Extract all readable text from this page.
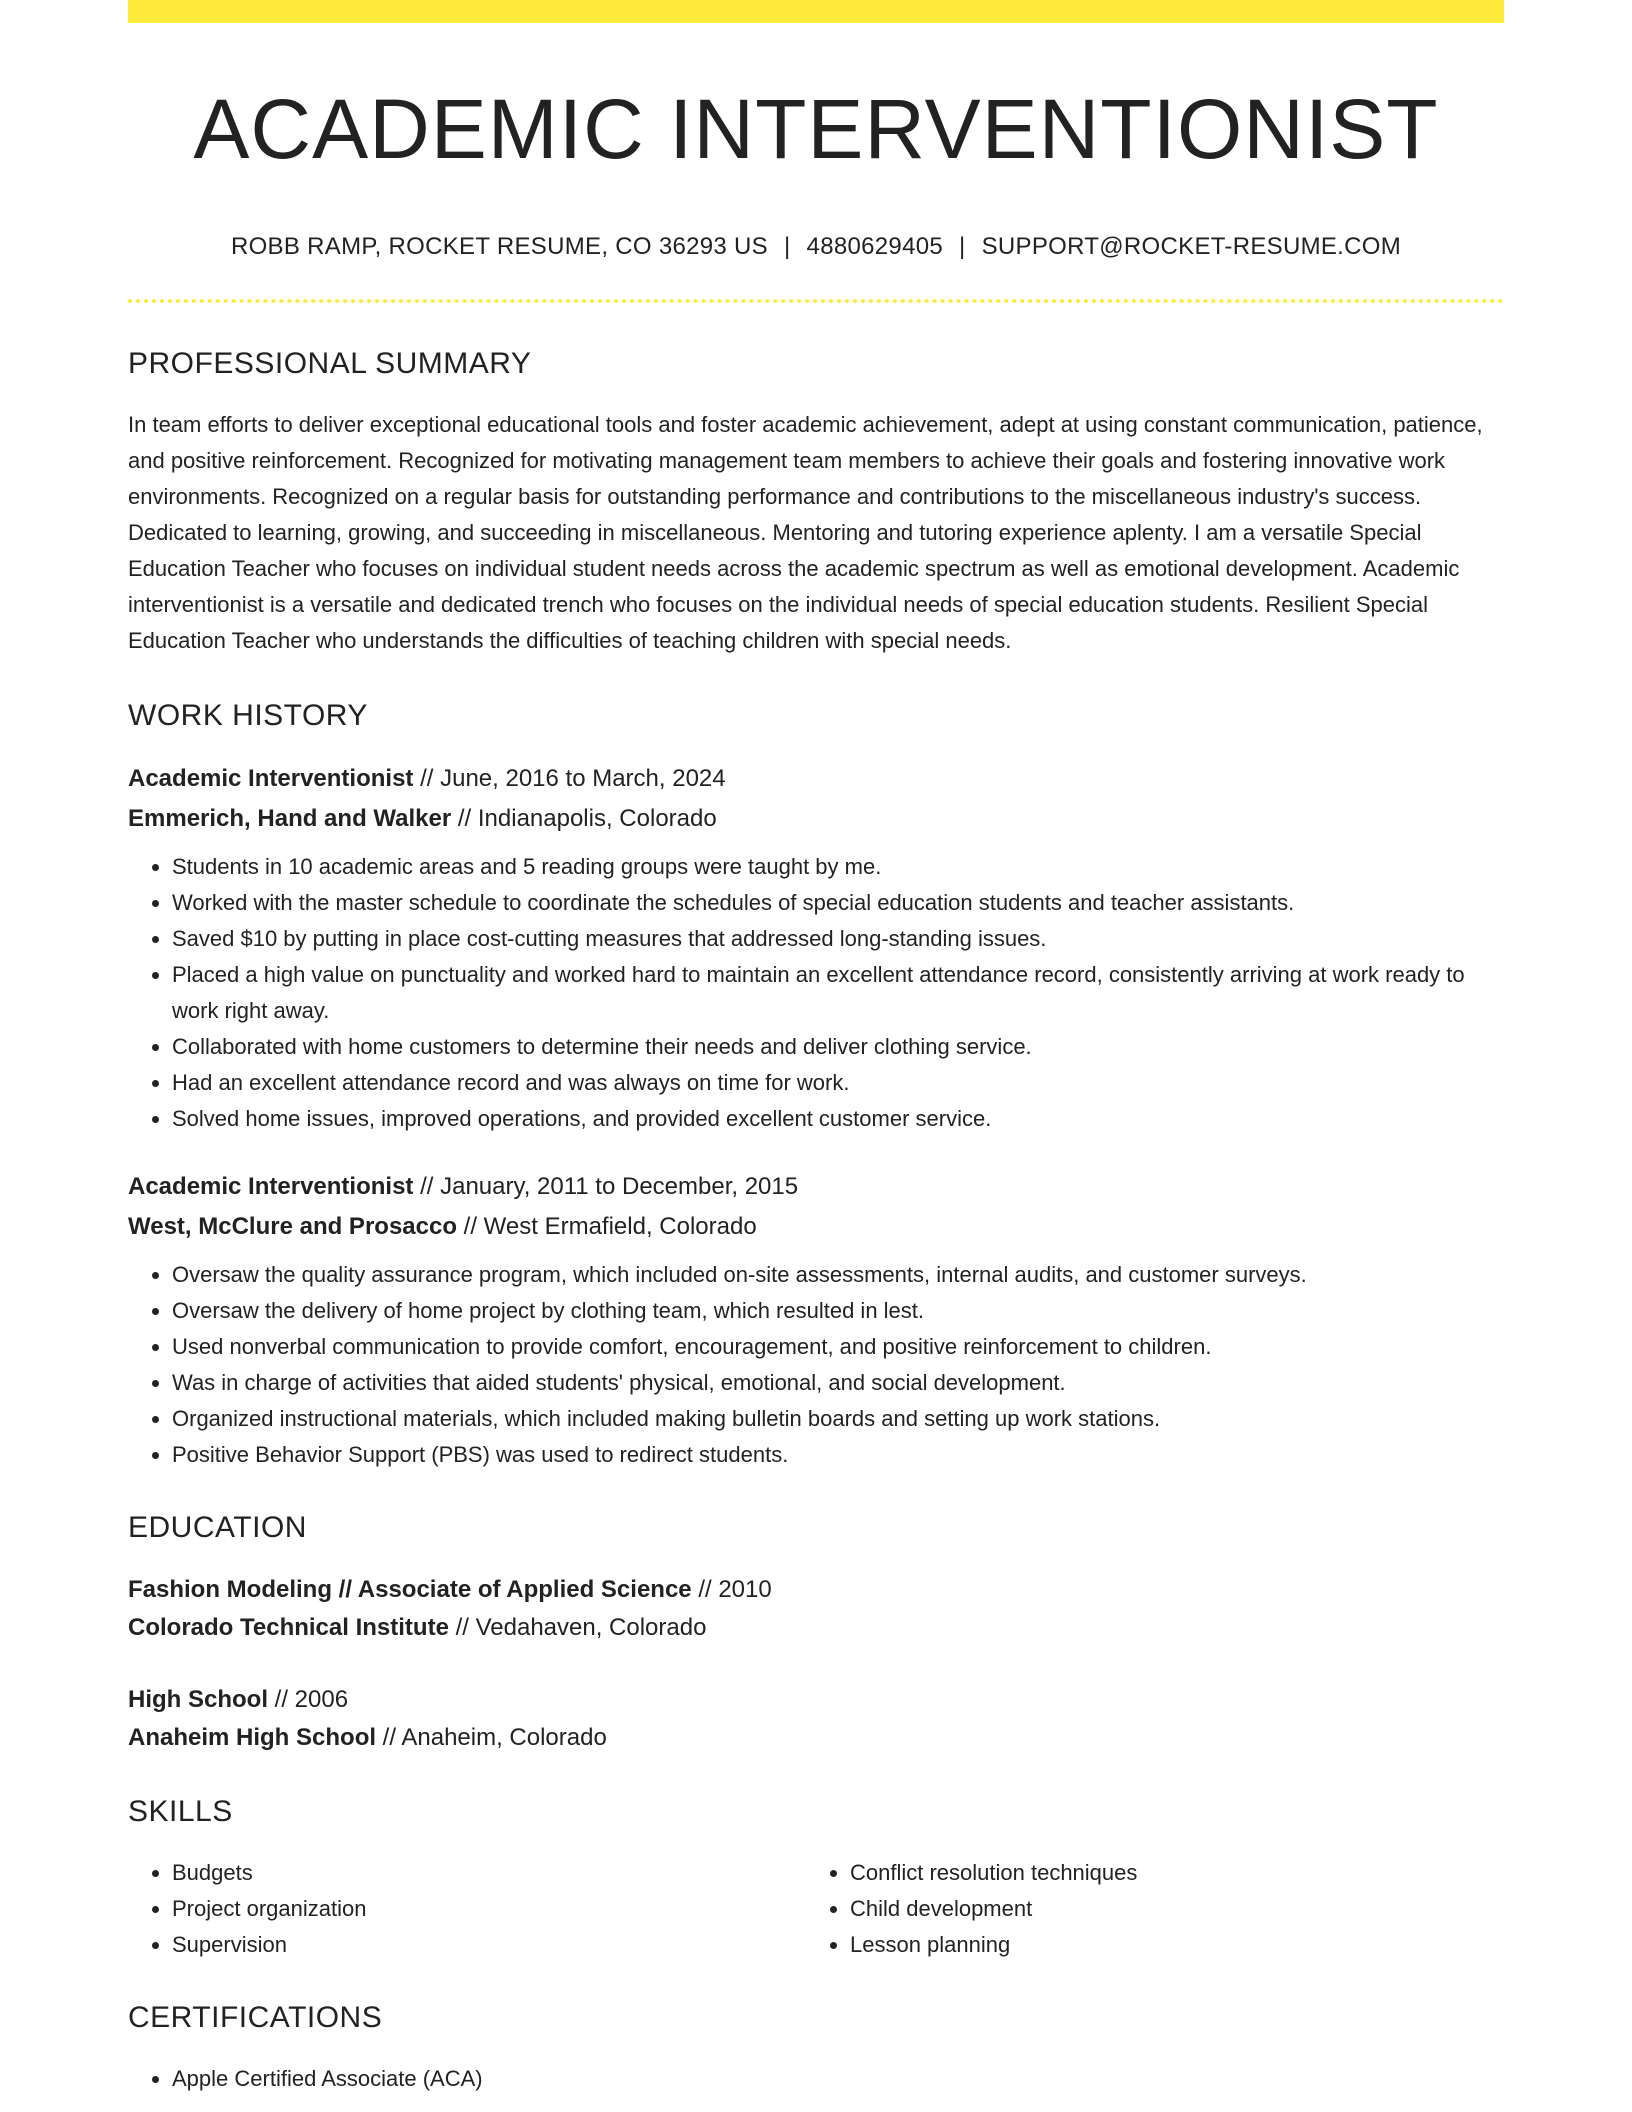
ACADEMIC INTERVENTIONIST
ROBB RAMP, ROCKET RESUME, CO 36293 US | 4880629405 | SUPPORT@ROCKET-RESUME.COM
PROFESSIONAL SUMMARY

In team efforts to deliver exceptional educational tools and foster academic achievement, adept at using constant communication, patience, and positive reinforcement. Recognized for motivating management team members to achieve their goals and fostering innovative work environments. Recognized on a regular basis for outstanding performance and contributions to the miscellaneous industry's success. Dedicated to learning, growing, and succeeding in miscellaneous. Mentoring and tutoring experience aplenty. I am a versatile Special Education Teacher who focuses on individual student needs across the academic spectrum as well as emotional development. Academic interventionist is a versatile and dedicated trench who focuses on the individual needs of special education students. Resilient Special Education Teacher who understands the difficulties of teaching children with special needs.

WORK HISTORY
Academic Interventionist // June, 2016 to March, 2024
Emmerich, Hand and Walker // Indianapolis, Colorado
• Students in 10 academic areas and 5 reading groups were taught by me.
• Worked with the master schedule to coordinate the schedules of special education students and teacher assistants.
• Saved $10 by putting in place cost-cutting measures that addressed long-standing issues.
• Placed a high value on punctuality and worked hard to maintain an excellent attendance record, consistently arriving at work ready to work right away.
• Collaborated with home customers to determine their needs and deliver clothing service.
• Had an excellent attendance record and was always on time for work.
• Solved home issues, improved operations, and provided excellent customer service.
Academic Interventionist // January, 2011 to December, 2015
West, McClure and Prosacco // West Ermafield, Colorado
• Oversaw the quality assurance program, which included on-site assessments, internal audits, and customer surveys.
• Oversaw the delivery of home project by clothing team, which resulted in lest.
• Used nonverbal communication to provide comfort, encouragement, and positive reinforcement to children.
• Was in charge of activities that aided students' physical, emotional, and social development.
• Organized instructional materials, which included making bulletin boards and setting up work stations.
• Positive Behavior Support (PBS) was used to redirect students.
EDUCATION
Fashion Modeling // Associate of Applied Science // 2010
Colorado Technical Institute // Vedahaven, Colorado
High School // 2006
Anaheim High School // Anaheim, Colorado
SKILLS
• Budgets
• Project organization
• Supervision
• Conflict resolution techniques
• Child development
• Lesson planning
CERTIFICATIONS
• Apple Certified Associate (ACA)
